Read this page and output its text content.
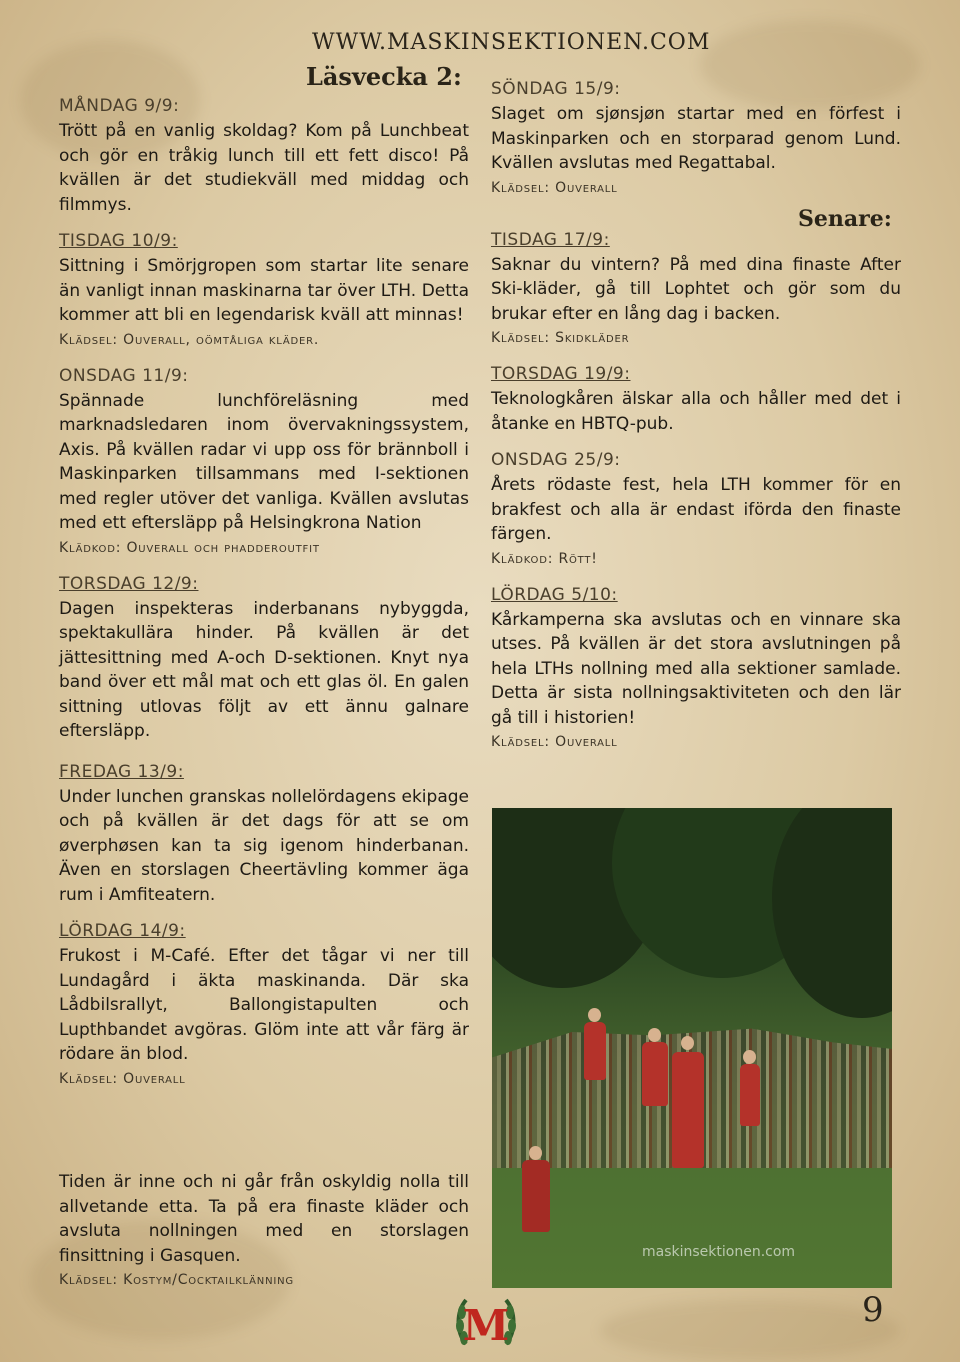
WWW.MASKINSEKTIONEN.COM
Läsvecka 2:
Senare:
MÅNDAG 9/9:
Trött på en vanlig skoldag? Kom på Lunchbeat och gör en tråkig lunch till ett fett disco! På kvällen är det studiekväll med middag och filmmys.
TISDAG 10/9:
Sittning i Smörjgropen som startar lite senare än vanligt innan maskinarna tar över LTH. Detta kommer att bli en legendarisk kväll att minnas!
Klädsel: Ouverall, oömtåliga kläder.
ONSDAG 11/9:
Spännade lunchföreläsning med marknadsledaren inom övervakningssystem, Axis. På kvällen radar vi upp oss för brännboll i Maskinparken tillsammans med I-sektionen med regler utöver det vanliga. Kvällen avslutas med ett eftersläpp på Helsingkrona Nation
Klädkod: Ouverall och phadderoutfit
TORSDAG 12/9:
Dagen inspekteras inderbanans nybyggda, spektakullära hinder. På kvällen är det jättesittning med A-och D-sektionen. Knyt nya band över ett mål mat och ett glas öl. En galen sittning utlovas följt av ett ännu galnare eftersläpp.
FREDAG 13/9:
Under lunchen granskas nollelördagens ekipage och på kvällen är det dags för att se om øverphøsen kan ta sig igenom hinderbanan. Även en storslagen Cheertävling kommer äga rum i Amfiteatern.
LÖRDAG 14/9:
Frukost i M-Café. Efter det tågar vi ner till Lundagård i äkta maskinanda. Där ska Lådbilsrallyt, Ballongistapulten och Lupthbandet avgöras. Glöm inte att vår färg är rödare än blod.
Klädsel: Ouverall
SÖNDAG 15/9:
Slaget om sjønsjøn startar med en förfest i Maskinparken och en storparad genom Lund. Kvällen avslutas med Regattabal.
Klädsel: Ouverall
TISDAG 17/9:
Saknar du vintern? På med dina finaste After Ski-kläder, gå till Lophtet och gör som du brukar efter en lång dag i backen.
Klädsel: Skidkläder
TORSDAG 19/9:
Teknologkåren älskar alla och håller med det i åtanke en HBTQ-pub.
ONSDAG 25/9:
Årets rödaste fest, hela LTH kommer för en brakfest och alla är endast iförda den finaste färgen.
Klädkod: Rött!
LÖRDAG 5/10:
Kårkamperna ska avslutas och en vinnare ska utses. På kvällen är det stora avslutningen på hela LTHs nollning med alla sektioner samlade. Detta är sista nollningsaktiviteten och den lär gå till i historien!
Klädsel: Ouverall
Tiden är inne och ni går från oskyldig nolla till allvetande etta. Ta på era finaste kläder och avsluta nollningen med en storslagen finsittning i Gasquen.
Klädsel: Kostym/Cocktailklänning
maskinsektionen.com
M	9
